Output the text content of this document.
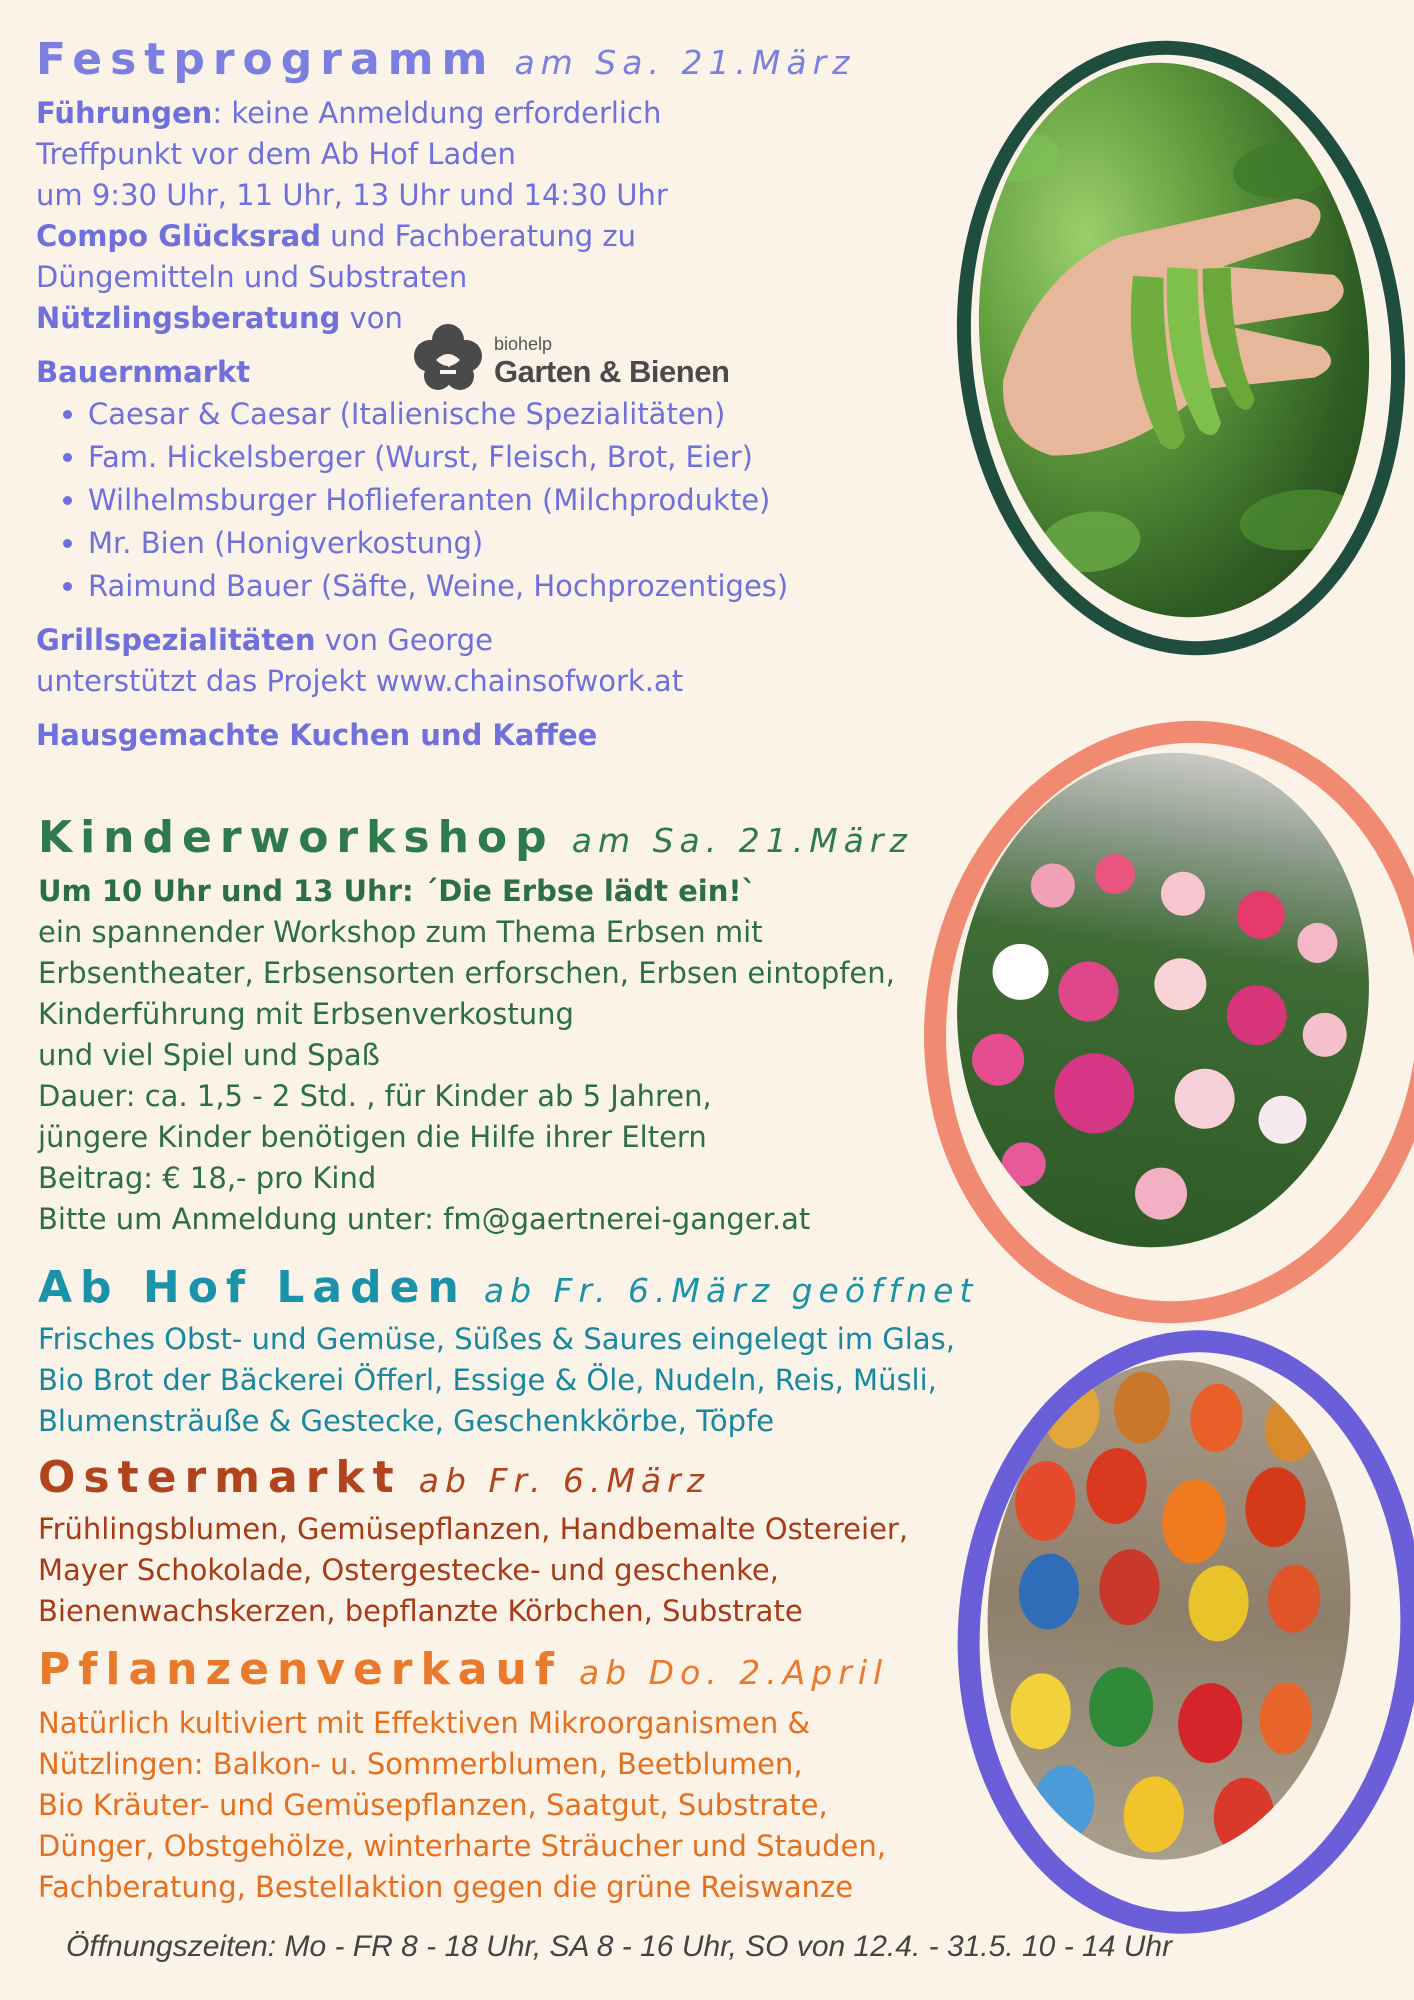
Festprogramm am Sa. 21.März
Führungen: keine Anmeldung erforderlich
Treffpunkt vor dem Ab Hof Laden
um 9:30 Uhr, 11 Uhr, 13 Uhr und 14:30 Uhr
Compo Glücksrad und Fachberatung zu
Düngemitteln und Substraten
Nützlingsberatung von
Bauernmarkt
• Caesar & Caesar (Italienische Spezialitäten)
• Fam. Hickelsberger (Wurst, Fleisch, Brot, Eier)
• Wilhelmsburger Hoflieferanten (Milchprodukte)
• Mr. Bien (Honigverkostung)
• Raimund Bauer (Säfte, Weine, Hochprozentiges)
Grillspezialitäten von George
unterstützt das Projekt www.chainsofwork.at
Hausgemachte Kuchen und Kaffee
biohelp
Garten & Bienen
Kinderworkshop am Sa. 21.März
Um 10 Uhr und 13 Uhr: ´Die Erbse lädt ein!`
ein spannender Workshop zum Thema Erbsen mit
Erbsentheater, Erbsensorten erforschen, Erbsen eintopfen,
Kinderführung mit Erbsenverkostung
und viel Spiel und Spaß
Dauer: ca. 1,5 - 2 Std. , für Kinder ab 5 Jahren,
jüngere Kinder benötigen die Hilfe ihrer Eltern
Beitrag: € 18,- pro Kind
Bitte um Anmeldung unter: fm@gaertnerei-ganger.at
Ab Hof Laden ab Fr. 6.März geöffnet
Frisches Obst- und Gemüse, Süßes & Saures eingelegt im Glas,
Bio Brot der Bäckerei Öfferl, Essige & Öle, Nudeln, Reis, Müsli,
Blumensträuße & Gestecke, Geschenkkörbe, Töpfe
Ostermarkt ab Fr. 6.März
Frühlingsblumen, Gemüsepflanzen, Handbemalte Ostereier,
Mayer Schokolade, Ostergestecke- und geschenke,
Bienenwachskerzen, bepflanzte Körbchen, Substrate
Pflanzenverkauf ab Do. 2.April
Natürlich kultiviert mit Effektiven Mikroorganismen &
Nützlingen: Balkon- u. Sommerblumen, Beetblumen,
Bio Kräuter- und Gemüsepflanzen, Saatgut, Substrate,
Dünger, Obstgehölze, winterharte Sträucher und Stauden,
Fachberatung, Bestellaktion gegen die grüne Reiswanze
Öffnungszeiten: Mo - FR 8 - 18 Uhr, SA 8 - 16 Uhr, SO von 12.4. - 31.5. 10 - 14 Uhr
